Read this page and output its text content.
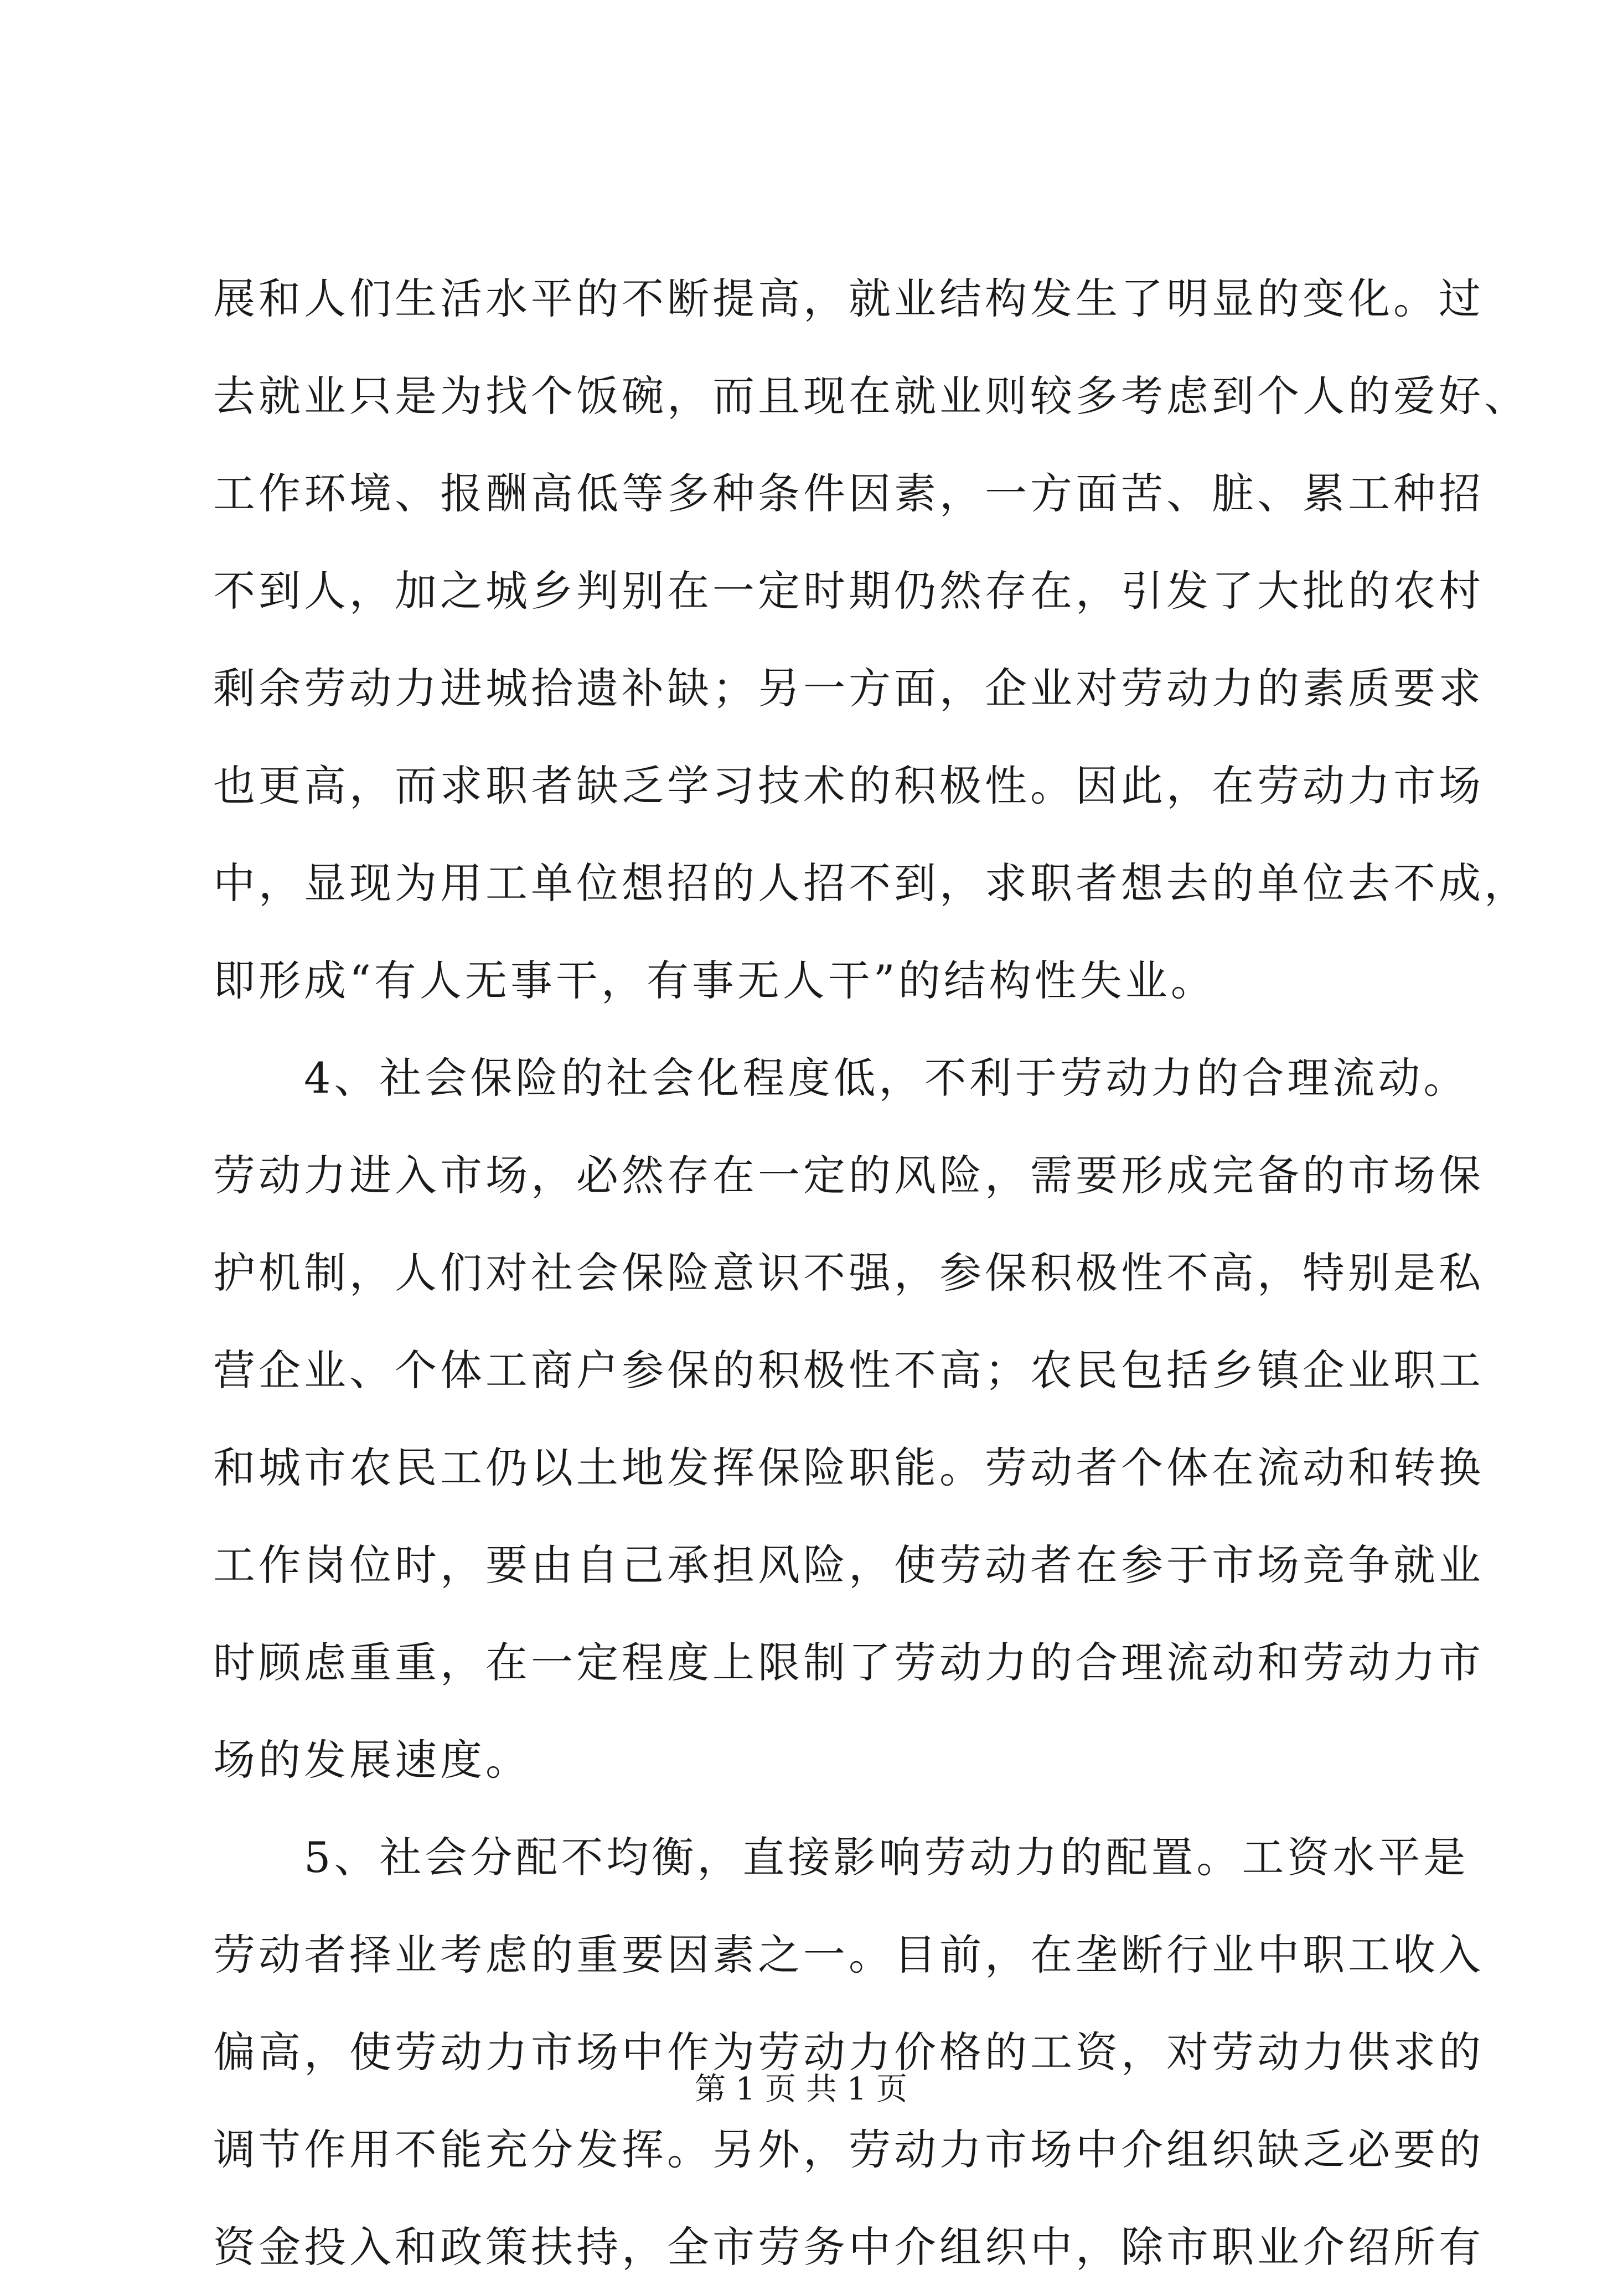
展和人们生活水平的不断提高，就业结构发生了明显的变化。过
去就业只是为找个饭碗，而且现在就业则较多考虑到个人的爱好、
工作环境、报酬高低等多种条件因素，一方面苦、脏、累工种招
不到人，加之城乡判别在一定时期仍然存在，引发了大批的农村
剩余劳动力进城拾遗补缺；另一方面，企业对劳动力的素质要求
也更高，而求职者缺乏学习技术的积极性。因此，在劳动力市场
中，显现为用工单位想招的人招不到，求职者想去的单位去不成，
即形成“有人无事干，有事无人干”的结构性失业。
　　4、社会保险的社会化程度低，不利于劳动力的合理流动。
劳动力进入市场，必然存在一定的风险，需要形成完备的市场保
护机制，人们对社会保险意识不强，参保积极性不高，特别是私
营企业、个体工商户参保的积极性不高；农民包括乡镇企业职工
和城市农民工仍以土地发挥保险职能。劳动者个体在流动和转换
工作岗位时，要由自己承担风险，使劳动者在参于市场竞争就业
时顾虑重重，在一定程度上限制了劳动力的合理流动和劳动力市
场的发展速度。
　　5、社会分配不均衡，直接影响劳动力的配置。工资水平是
劳动者择业考虑的重要因素之一。目前，在垄断行业中职工收入
偏高，使劳动力市场中作为劳动力价格的工资，对劳动力供求的
调节作用不能充分发挥。另外，劳动力市场中介组织缺乏必要的
资金投入和政策扶持，全市劳务中介组织中，除市职业介绍所有
第 1 页 共 1 页
